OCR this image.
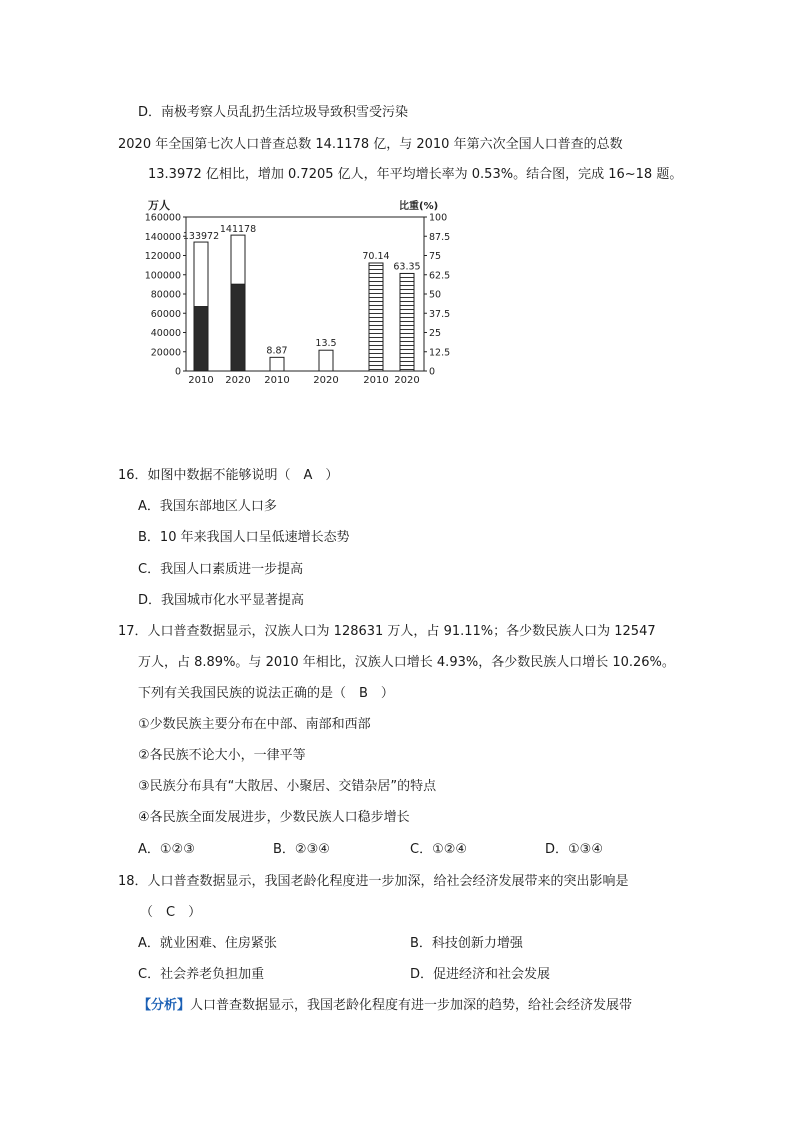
D．南极考察人员乱扔生活垃圾导致积雪受污染
2020 年全国第七次人口普查总数 14.1178 亿，与 2010 年第六次全国人口普查的总数
13.3972 亿相比，增加 0.7205 亿人，年平均增长率为 0.53%。结合图，完成 16~18 题。
万人
0
20000
40000
60000
80000
100000
120000
140000
160000
比重(%)
0
12.5
25
37.5
50
62.5
75
87.5
100
133972
2010
141178
2020
8.87
2010
13.5
2020
70.14
2010
63.35
2020
16．如图中数据不能够说明（　A　）
A．我国东部地区人口多
B．10 年来我国人口呈低速增长态势
C．我国人口素质进一步提高
D．我国城市化水平显著提高
17．人口普查数据显示，汉族人口为 128631 万人，占 91.11%；各少数民族人口为 12547
万人，占 8.89%。与 2010 年相比，汉族人口增长 4.93%，各少数民族人口增长 10.26%。
下列有关我国民族的说法正确的是（　B　）
①少数民族主要分布在中部、南部和西部
②各民族不论大小，一律平等
③民族分布具有“大散居、小聚居、交错杂居”的特点
④各民族全面发展进步，少数民族人口稳步增长
A．①②③	B．②③④	C．①②④	D．①③④
18．人口普查数据显示，我国老龄化程度进一步加深，给社会经济发展带来的突出影响是
（　C　）
A．就业困难、住房紧张	B．科技创新力增强
C．社会养老负担加重	D．促进经济和社会发展
【分析】人口普查数据显示，我国老龄化程度有进一步加深的趋势，给社会经济发展带
